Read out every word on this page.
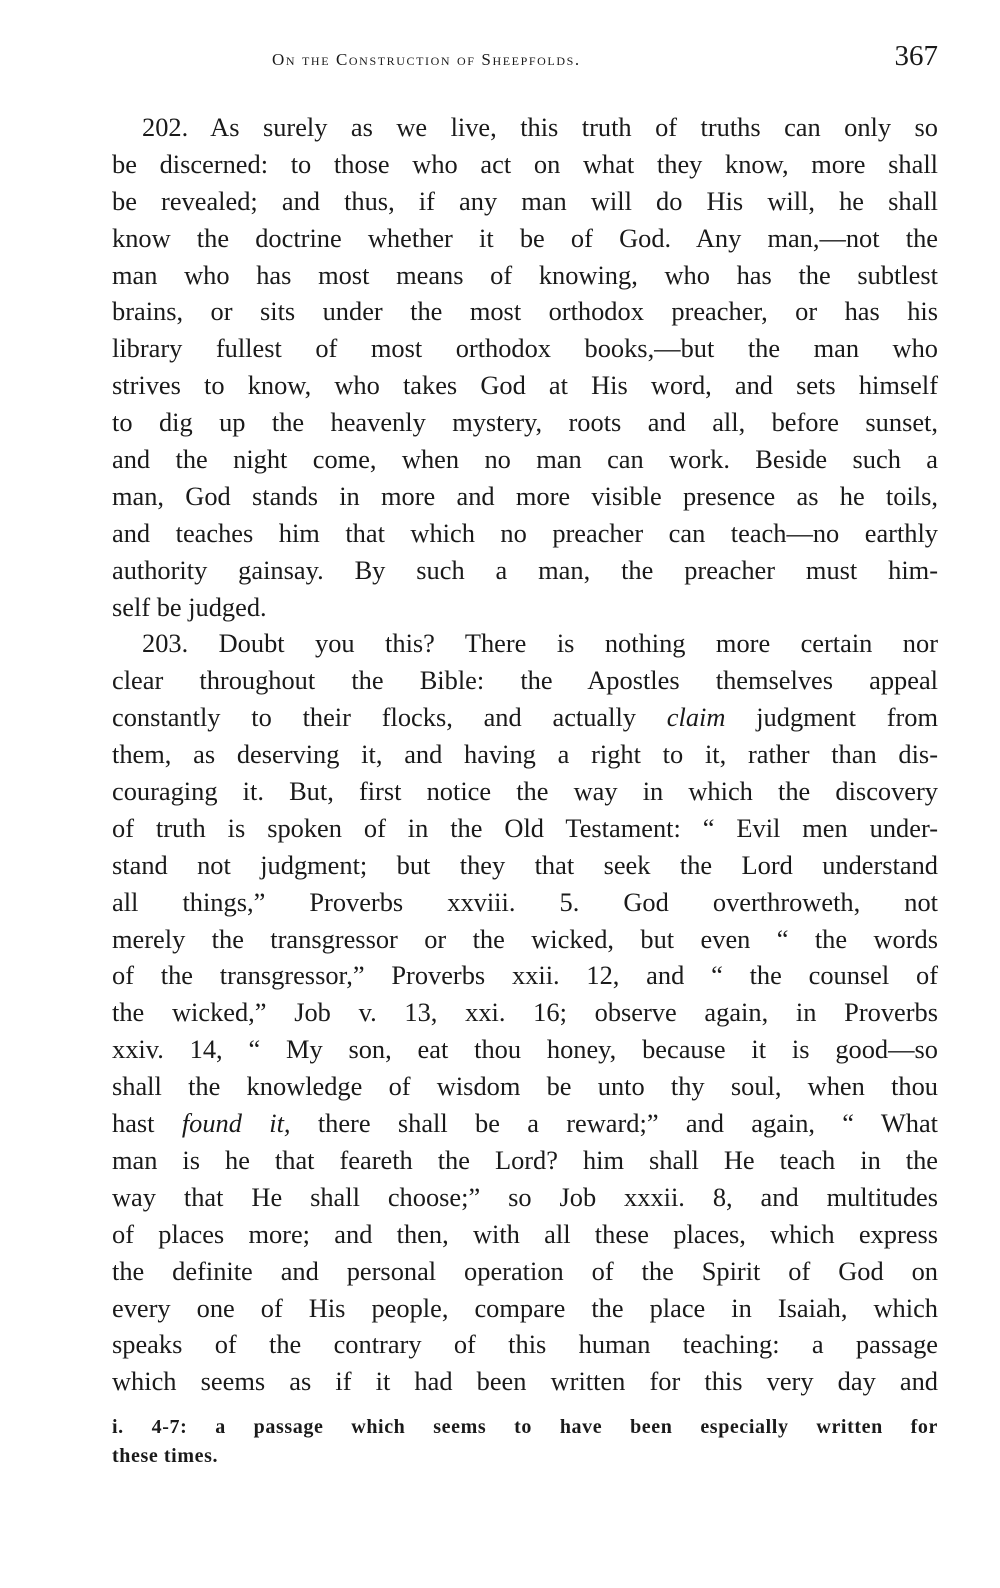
On the Construction of Sheepfolds.	367
202. As surely as we live, this truth of truths can only so
be discerned: to those who act on what they know, more shall
be revealed; and thus, if any man will do His will, he shall
know the doctrine whether it be of God. Any man,—not the
man who has most means of knowing, who has the subtlest
brains, or sits under the most orthodox preacher, or has his
library fullest of most orthodox books,—but the man who
strives to know, who takes God at His word, and sets himself
to dig up the heavenly mystery, roots and all, before sunset,
and the night come, when no man can work. Beside such a
man, God stands in more and more visible presence as he toils,
and teaches him that which no preacher can teach—no earthly
authority gainsay. By such a man, the preacher must him-
self be judged.
203. Doubt you this? There is nothing more certain nor
clear throughout the Bible: the Apostles themselves appeal
constantly to their flocks, and actually claim judgment from
them, as deserving it, and having a right to it, rather than dis-
couraging it. But, first notice the way in which the discovery
of truth is spoken of in the Old Testament: “ Evil men under-
stand not judgment; but they that seek the Lord understand
all things,” Proverbs xxviii. 5. God overthroweth, not
merely the transgressor or the wicked, but even “ the words
of the transgressor,” Proverbs xxii. 12, and “ the counsel of
the wicked,” Job v. 13, xxi. 16; observe again, in Proverbs
xxiv. 14, “ My son, eat thou honey, because it is good—so
shall the knowledge of wisdom be unto thy soul, when thou
hast found it, there shall be a reward;” and again, “ What
man is he that feareth the Lord? him shall He teach in the
way that He shall choose;” so Job xxxii. 8, and multitudes
of places more; and then, with all these places, which express
the definite and personal operation of the Spirit of God on
every one of His people, compare the place in Isaiah, which
speaks of the contrary of this human teaching: a passage
which seems as if it had been written for this very day and
i. 4-7: a passage which seems to have been especially written for
these times.
